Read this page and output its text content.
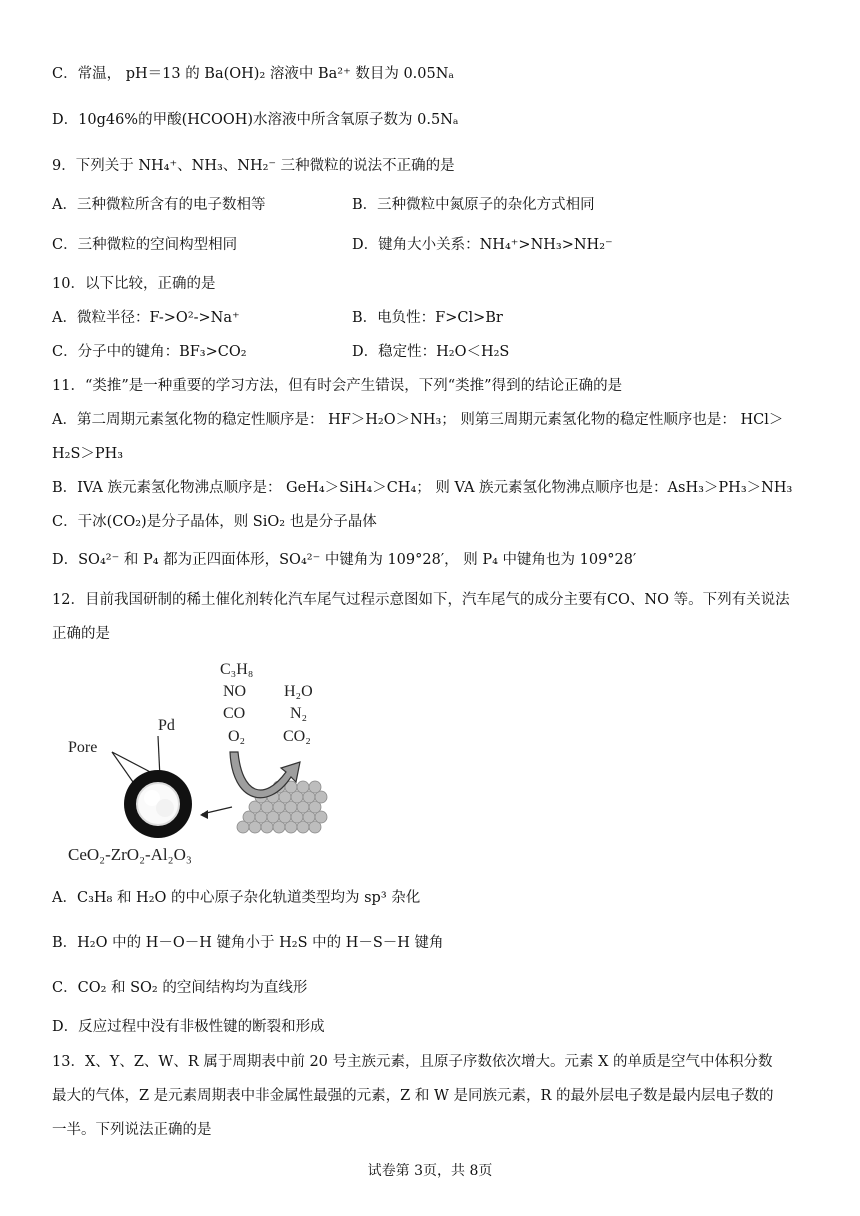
C．常温， pH＝13 的 Ba(OH)₂ 溶液中 Ba²⁺ 数目为 0.05Nₐ
D．10g46%的甲酸(HCOOH)水溶液中所含氧原子数为 0.5Nₐ
9．下列关于 NH₄⁺、NH₃、NH₂⁻ 三种微粒的说法不正确的是
A．三种微粒所含有的电子数相等	B．三种微粒中氮原子的杂化方式相同
C．三种微粒的空间构型相同	D．键角大小关系：NH₄⁺>NH₃>NH₂⁻
10．以下比较，正确的是
A．微粒半径：F->O²->Na⁺	B．电负性：F>Cl>Br
C．分子中的键角：BF₃>CO₂	D．稳定性：H₂O＜H₂S
11．“类推”是一种重要的学习方法，但有时会产生错误，下列“类推”得到的结论正确的是
A．第二周期元素氢化物的稳定性顺序是： HF＞H₂O＞NH₃； 则第三周期元素氢化物的稳定性顺序也是： HCl＞
H₂S＞PH₃
B．IVA 族元素氢化物沸点顺序是： GeH₄＞SiH₄＞CH₄； 则 VA 族元素氢化物沸点顺序也是：AsH₃＞PH₃＞NH₃
C．干冰(CO₂)是分子晶体，则 SiO₂ 也是分子晶体
D．SO₄²⁻ 和 P₄ 都为正四面体形，SO₄²⁻ 中键角为 109°28′， 则 P₄ 中键角也为 109°28′
12．目前我国研制的稀土催化剂转化汽车尾气过程示意图如下，汽车尾气的成分主要有CO、NO 等。下列有关说法
正确的是
Pd
Pore
C₃H₈
NO
CO
O₂
H₂O
N₂
CO₂
CeO₂-ZrO₂-Al₂O₃
A．C₃H₈ 和 H₂O 的中心原子杂化轨道类型均为 sp³ 杂化
B．H₂O 中的 H－O－H 键角小于 H₂S 中的 H－S－H 键角
C．CO₂ 和 SO₂ 的空间结构均为直线形
D．反应过程中没有非极性键的断裂和形成
13．X、Y、Z、W、R 属于周期表中前 20 号主族元素，且原子序数依次增大。元素 X 的单质是空气中体积分数
最大的气体，Z 是元素周期表中非金属性最强的元素，Z 和 W 是同族元素，R 的最外层电子数是最内层电子数的
一半。下列说法正确的是
试卷第 3页，共 8页
